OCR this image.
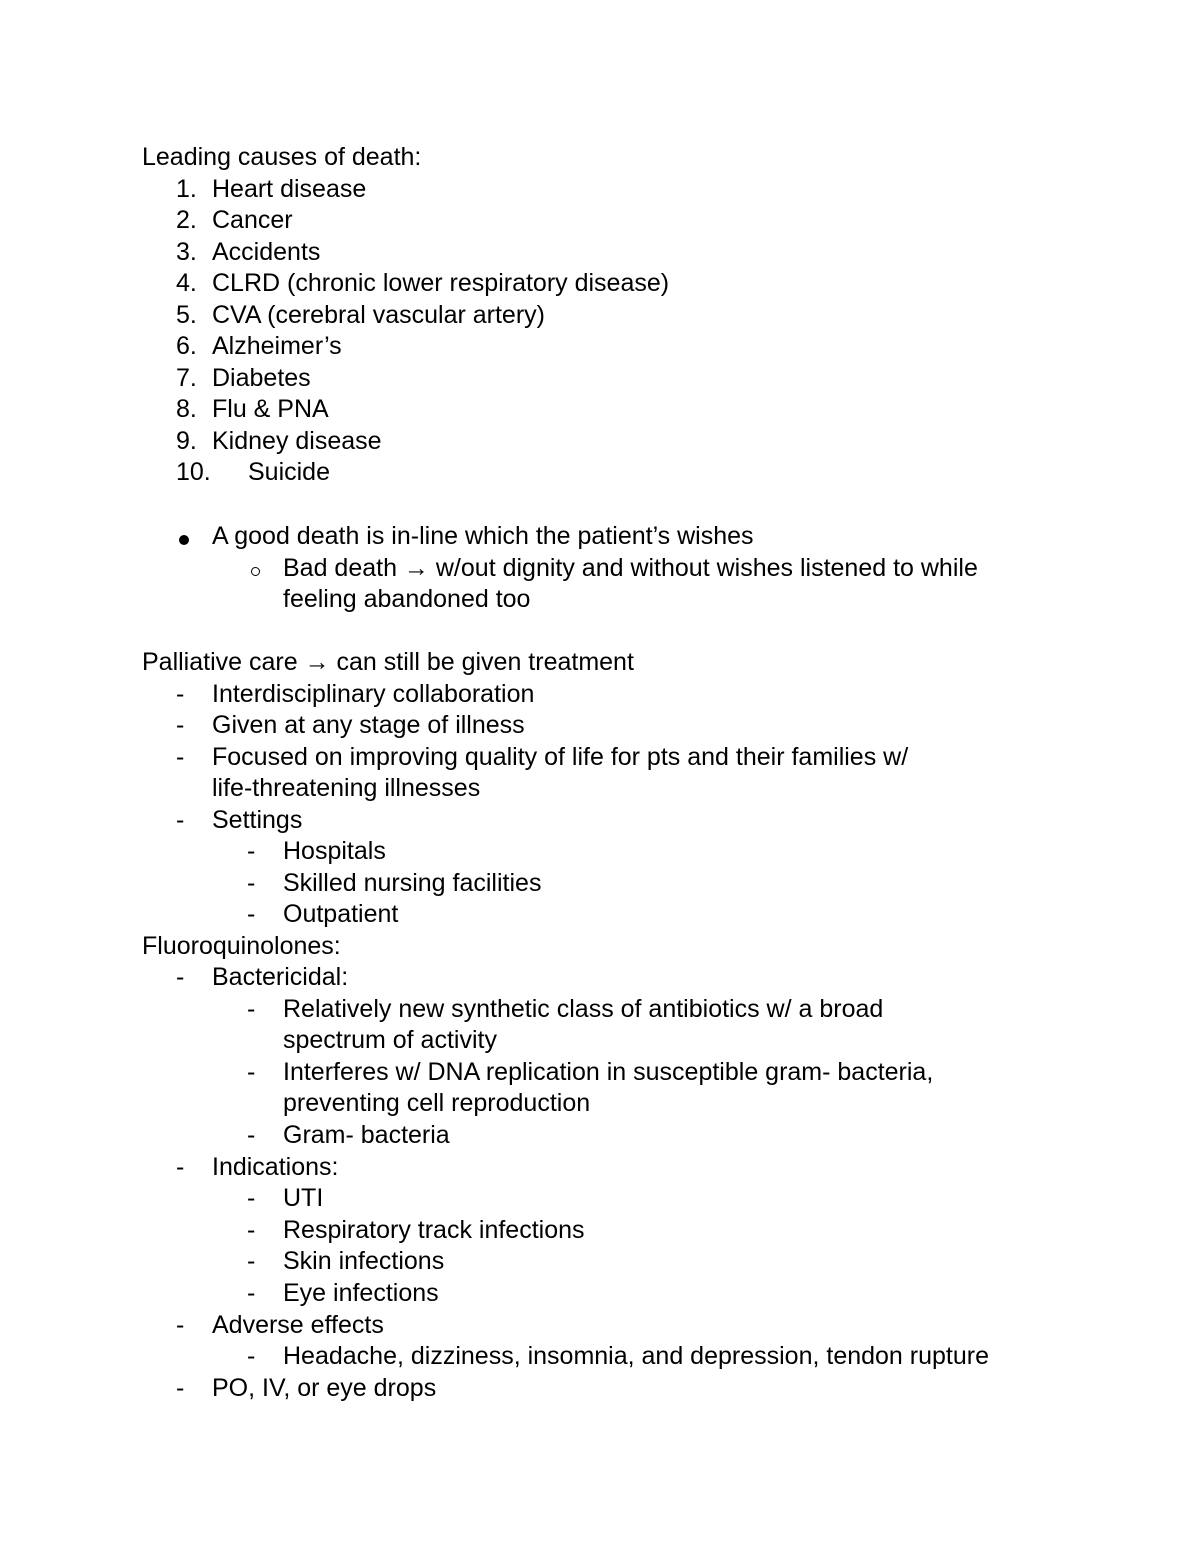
Leading causes of death:
1. Heart disease
2. Cancer
3. Accidents
4. CLRD (chronic lower respiratory disease)
5. CVA (cerebral vascular artery)
6. Alzheimer’s
7. Diabetes
8. Flu & PNA
9. Kidney disease
10. Suicide
A good death is in-line which the patient’s wishes
Bad death → w/out dignity and without wishes listened to while
feeling abandoned too
Palliative care → can still be given treatment
- Interdisciplinary collaboration
- Given at any stage of illness
- Focused on improving quality of life for pts and their families w/
life-threatening illnesses
- Settings
- Hospitals
- Skilled nursing facilities
- Outpatient
Fluoroquinolones:
- Bactericidal:
- Relatively new synthetic class of antibiotics w/ a broad
spectrum of activity
- Interferes w/ DNA replication in susceptible gram- bacteria,
preventing cell reproduction
- Gram- bacteria
- Indications:
- UTI
- Respiratory track infections
- Skin infections
- Eye infections
- Adverse effects
- Headache, dizziness, insomnia, and depression, tendon rupture
- PO, IV, or eye drops
